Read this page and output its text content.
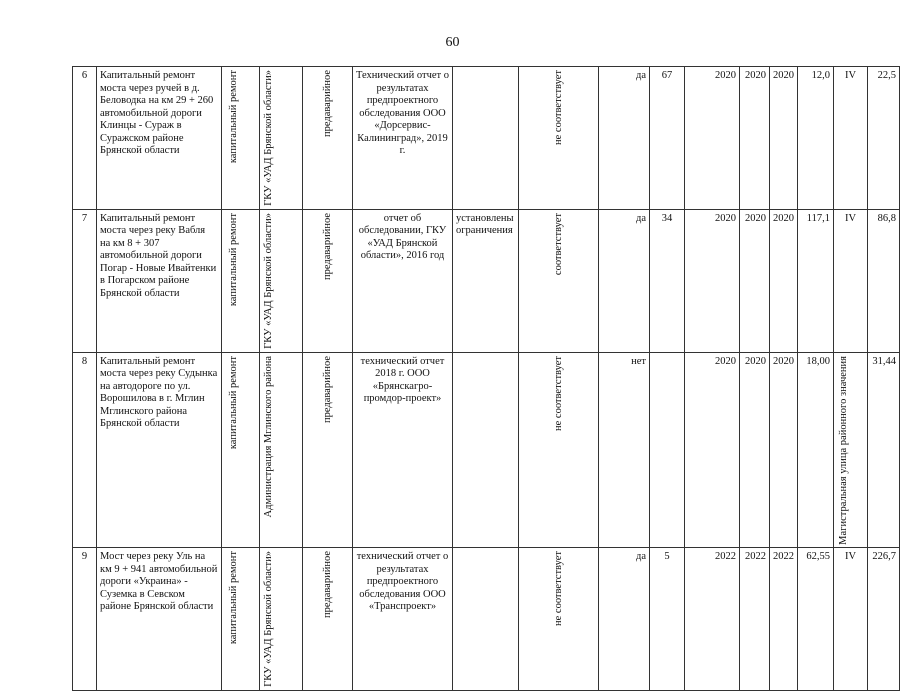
60
6	Капитальный ремонт моста через ручей в д. Беловодка на км 29 + 260 автомобильной дороги Клинцы - Сураж в Суражском районе Брянской области	капитальный ремонт	ГКУ «УАД Брянской области»	предаварийное	Технический отчет о результатах предпроектного обследования ООО «Дорсервис-Калининград», 2019 г.		не соответствует	да	67	2020	2020	2020	12,0	IV	22,5
7	Капитальный ремонт моста через реку Вабля на км 8 + 307 автомобильной дороги Погар - Новые Ивайтенки в Погарском районе Брянской области	капитальный ремонт	ГКУ «УАД Брянской области»	предаварийное	отчет об обследовании, ГКУ «УАД Брянской области», 2016 год	установлены ограничения	соответствует	да	34	2020	2020	2020	117,1	IV	86,8
8	Капитальный ремонт моста через реку Судынка на автодороге по ул. Ворошилова в г. Мглин Мглинского района Брянской области	капитальный ремонт	Администрация Мглинского района	предаварийное	технический отчет 2018 г. ООО «Брянскагро-промдор-проект»		не соответствует	нет		2020	2020	2020	18,00	Магистральная улица районного значения	31,44
9	Мост через реку Уль на км 9 + 941 автомобильной дороги «Украина» - Суземка в Севском районе Брянской области	капитальный ремонт	ГКУ «УАД Брянской области»	предаварийное	технический отчет о результатах предпроектного обследования ООО «Транспроект»		не соответствует	да	5	2022	2022	2022	62,55	IV	226,7
